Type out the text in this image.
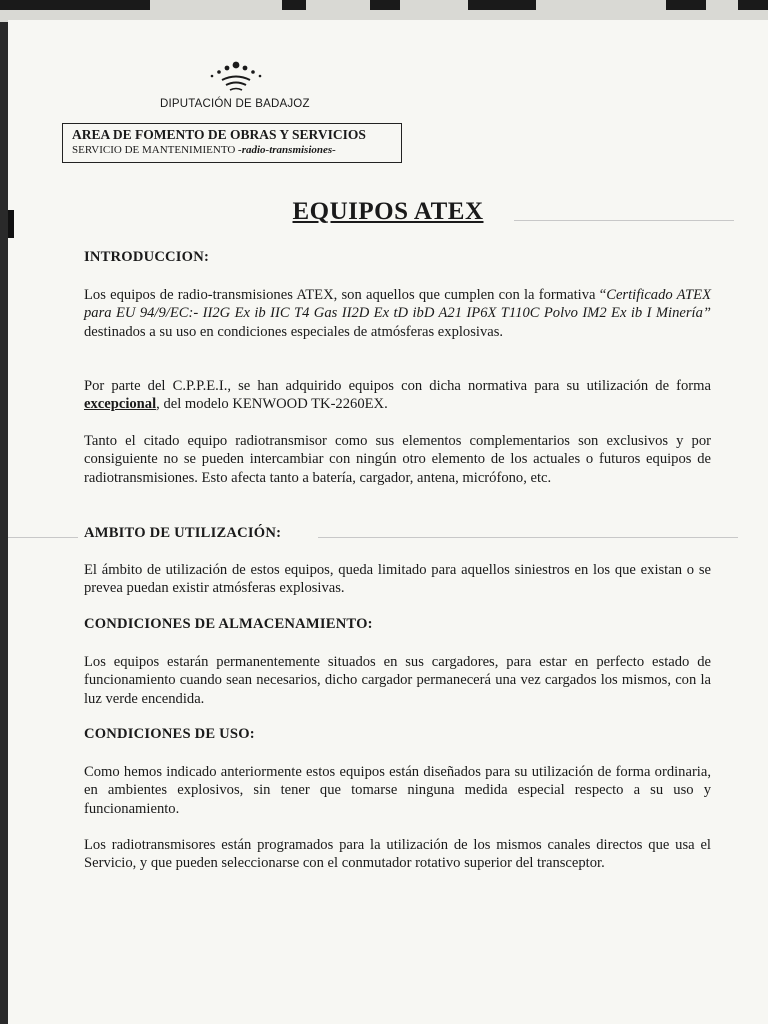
DIPUTACIÓN DE BADAJOZ
AREA DE FOMENTO DE OBRAS Y SERVICIOS
SERVICIO DE MANTENIMIENTO -radio-transmisiones-
EQUIPOS ATEX
INTRODUCCION:
Los equipos de radio-transmisiones ATEX, son aquellos que cumplen con la formativa “Certificado ATEX para EU 94/9/EC:- II2G Ex ib IIC T4 Gas II2D Ex tD ibD A21 IP6X T110C Polvo IM2 Ex ib I Minería” destinados a su uso en condiciones especiales de atmósferas explosivas.
Por parte del C.P.P.E.I., se han adquirido equipos con dicha normativa para su utilización de forma excepcional, del modelo KENWOOD TK-2260EX.
Tanto el citado equipo radiotransmisor como sus elementos complementarios son exclusivos y por consiguiente no se pueden intercambiar con ningún otro elemento de los actuales o futuros equipos de radiotransmisiones. Esto afecta tanto a batería, cargador, antena, micrófono, etc.
AMBITO DE UTILIZACIÓN:
El ámbito de utilización de estos equipos, queda limitado para aquellos siniestros en los que existan o se prevea puedan existir atmósferas explosivas.
CONDICIONES DE ALMACENAMIENTO:
Los equipos estarán permanentemente situados en sus cargadores, para estar en perfecto estado de funcionamiento cuando sean necesarios, dicho cargador permanecerá una vez cargados los mismos, con la luz verde encendida.
CONDICIONES DE USO:
Como hemos indicado anteriormente estos equipos están diseñados para su utilización de forma ordinaria, en ambientes explosivos, sin tener que tomarse ninguna medida especial respecto a su uso y funcionamiento.
Los radiotransmisores están programados para la utilización de los mismos canales directos que usa el Servicio, y que pueden seleccionarse con el conmutador rotativo superior del transceptor.
